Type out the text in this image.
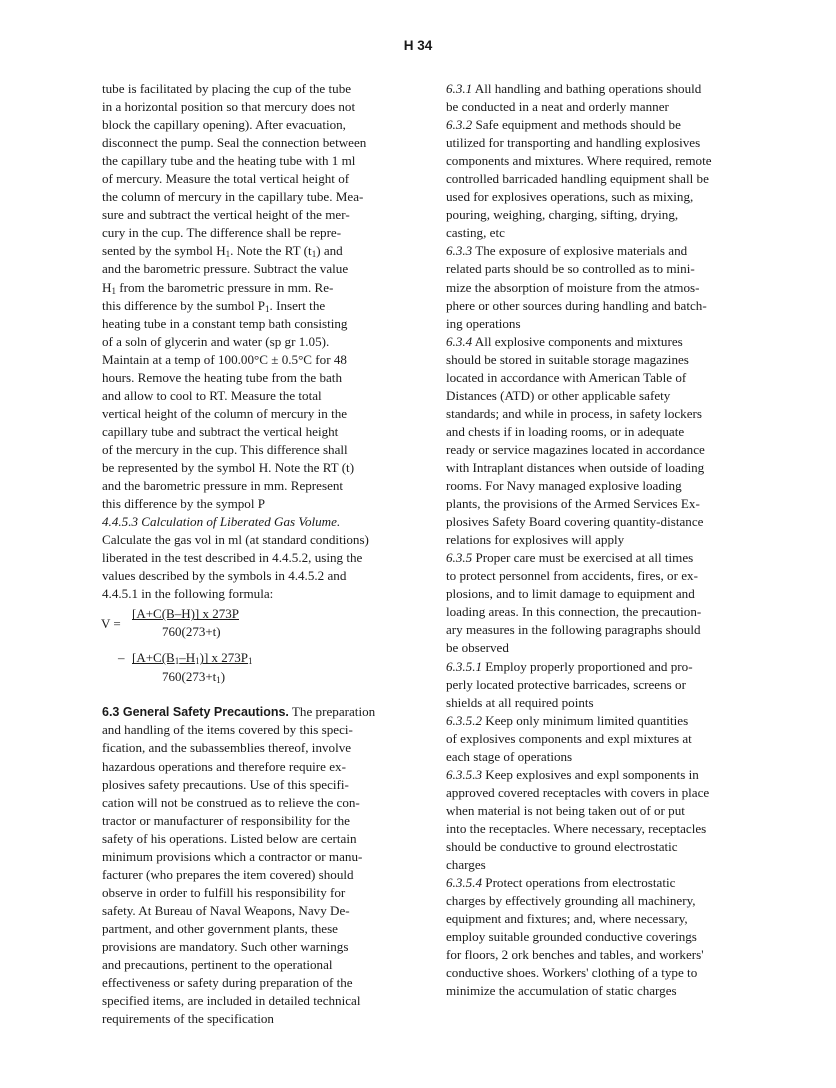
H 34
tube is facilitated by placing the cup of the tube
in a horizontal position so that mercury does not
block the capillary opening). After evacuation,
disconnect the pump. Seal the connection between
the capillary tube and the heating tube with 1 ml
of mercury. Measure the total vertical height of
the column of mercury in the capillary tube. Mea-
sure and subtract the vertical height of the mer-
cury in the cup. The difference shall be repre-
sented by the symbol $H_1$. Note the RT $(t_1)$ and
and the barometric pressure. Subtract the value
$H_1$ from the barometric pressure in mm. Re-
this difference by the sumbol $P_1$. Insert the
heating tube in a constant temp bath consisting
of a soln of glycerin and water (sp gr 1.05).
Maintain at a temp of 100.00°C ± 0.5°C for 48
hours. Remove the heating tube from the bath
and allow to cool to RT. Measure the total
vertical height of the column of mercury in the
capillary tube and subtract the vertical height
of the mercury in the cup. This difference shall
be represented by the symbol H. Note the RT (t)
and the barometric pressure in mm. Represent
this difference by the sympol P
4.4.5.3 Calculation of Liberated Gas Volume.
Calculate the gas vol in ml (at standard conditions)
liberated in the test described in 4.4.5.2, using the
values described by the symbols in 4.4.5.2 and
4.4.5.1 in the following formula:
V =
[A+C(B–H)] x 273P
760(273+t)
– $[A+C(B_1-H_1)]$ x $273P_1$
$760(273+t_1)$
6.3 General Safety Precautions. The preparation
and handling of the items covered by this speci-
fication, and the subassemblies thereof, involve
hazardous operations and therefore require ex-
plosives safety precautions. Use of this specifi-
cation will not be construed as to relieve the con-
tractor or manufacturer of responsibility for the
safety of his operations. Listed below are certain
minimum provisions which a contractor or manu-
facturer (who prepares the item covered) should
observe in order to fulfill his responsibility for
safety. At Bureau of Naval Weapons, Navy De-
partment, and other government plants, these
provisions are mandatory. Such other warnings
and precautions, pertinent to the operational
effectiveness or safety during preparation of the
specified items, are included in detailed technical
requirements of the specification
6.3.1 All handling and bathing operations should
be conducted in a neat and orderly manner
6.3.2 Safe equipment and methods should be
utilized for transporting and handling explosives
components and mixtures. Where required, remote
controlled barricaded handling equipment shall be
used for explosives operations, such as mixing,
pouring, weighing, charging, sifting, drying,
casting, etc
6.3.3 The exposure of explosive materials and
related parts should be so controlled as to mini-
mize the absorption of moisture from the atmos-
phere or other sources during handling and batch-
ing operations
6.3.4 All explosive components and mixtures
should be stored in suitable storage magazines
located in accordance with American Table of
Distances (ATD) or other applicable safety
standards; and while in process, in safety lockers
and chests if in loading rooms, or in adequate
ready or service magazines located in accordance
with Intraplant distances when outside of loading
rooms. For Navy managed explosive loading
plants, the provisions of the Armed Services Ex-
plosives Safety Board covering quantity-distance
relations for explosives will apply
6.3.5 Proper care must be exercised at all times
to protect personnel from accidents, fires, or ex-
plosions, and to limit damage to equipment and
loading areas. In this connection, the precaution-
ary measures in the following paragraphs should
be observed
6.3.5.1 Employ properly proportioned and pro-
perly located protective barricades, screens or
shields at all required points
6.3.5.2 Keep only minimum limited quantities
of explosives components and expl mixtures at
each stage of operations
6.3.5.3 Keep explosives and expl somponents in
approved covered receptacles with covers in place
when material is not being taken out of or put
into the receptacles. Where necessary, receptacles
should be conductive to ground electrostatic
charges
6.3.5.4 Protect operations from electrostatic
charges by effectively grounding all machinery,
equipment and fixtures; and, where necessary,
employ suitable grounded conductive coverings
for floors, 2 ork benches and tables, and workers'
conductive shoes. Workers' clothing of a type to
minimize the accumulation of static charges
